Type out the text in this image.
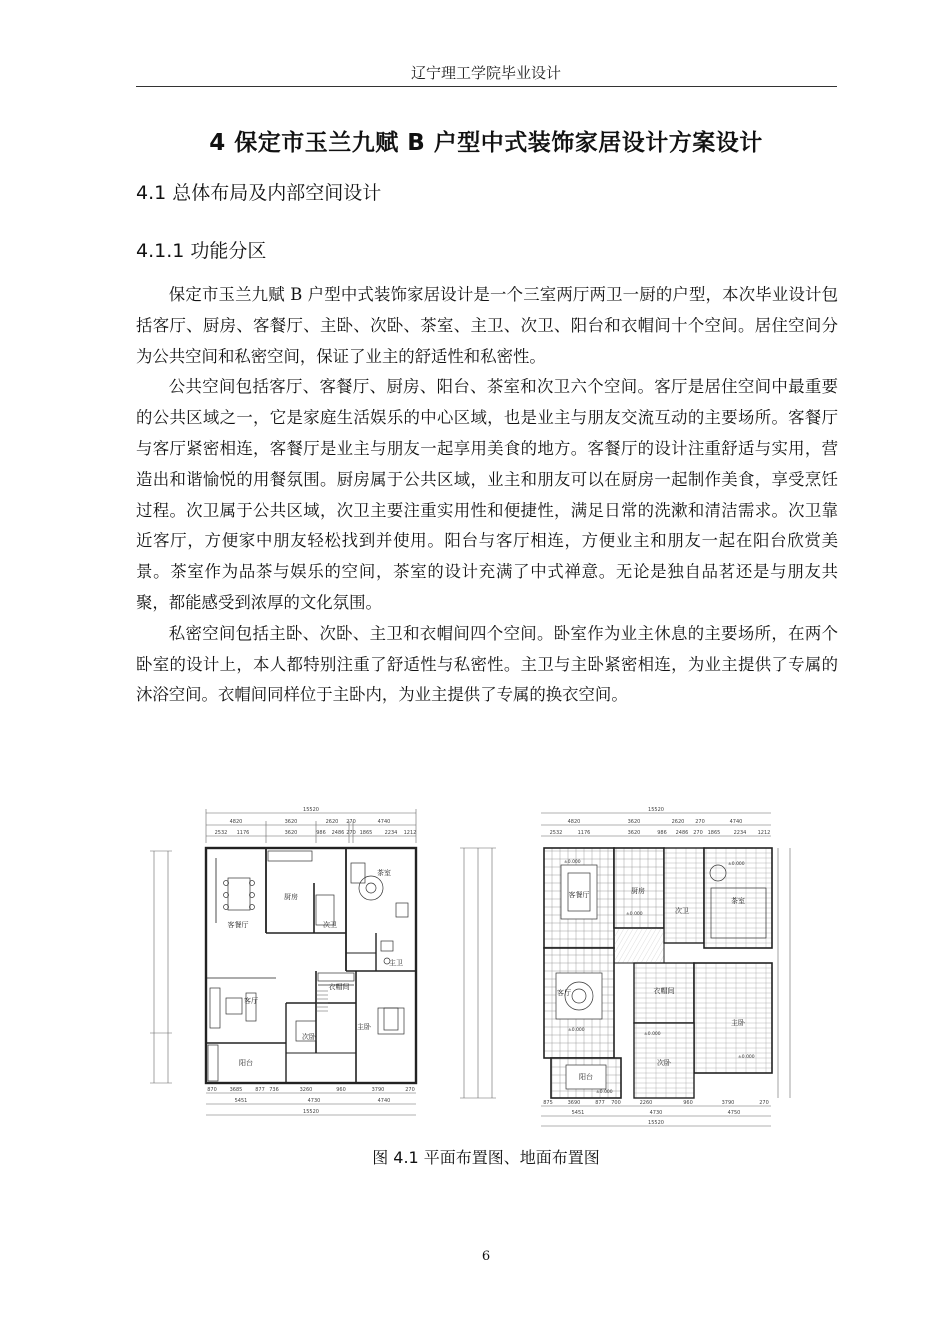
辽宁理工学院毕业设计
4 保定市玉兰九赋 B 户型中式装饰家居设计方案设计
4.1 总体布局及内部空间设计
4.1.1 功能分区

保定市玉兰九赋 B 户型中式装饰家居设计是一个三室两厅两卫一厨的户型，本次毕业设计包括客厅、厨房、客餐厅、主卧、次卧、茶室、主卫、次卫、阳台和衣帽间十个空间。居住空间分为公共空间和私密空间，保证了业主的舒适性和私密性。

公共空间包括客厅、客餐厅、厨房、阳台、茶室和次卫六个空间。客厅是居住空间中最重要的公共区域之一，它是家庭生活娱乐的中心区域，也是业主与朋友交流互动的主要场所。客餐厅与客厅紧密相连，客餐厅是业主与朋友一起享用美食的地方。客餐厅的设计注重舒适与实用，营造出和谐愉悦的用餐氛围。厨房属于公共区域，业主和朋友可以在厨房一起制作美食，享受烹饪过程。次卫属于公共区域，次卫主要注重实用性和便捷性，满足日常的洗漱和清洁需求。次卫靠近客厅，方便家中朋友轻松找到并使用。阳台与客厅相连，方便业主和朋友一起在阳台欣赏美景。茶室作为品茶与娱乐的空间，茶室的设计充满了中式禅意。无论是独自品茗还是与朋友共聚，都能感受到浓厚的文化氛围。

私密空间包括主卧、次卧、主卫和衣帽间四个空间。卧室作为业主休息的主要场所，在两个卧室的设计上，本人都特别注重了舒适性与私密性。主卫与主卧紧密相连，为业主提供了专属的沐浴空间。衣帽间同样位于主卧内，为业主提供了专属的换衣空间。

15520
4820	3620	2620 270	4740
2532 1176	3620	986 2486 270 1865 2234 1212
客餐厅
厨房
次卫
茶室
主卫
衣帽间
客厅
主卧
次卧
阳台
870	3685	877 736	3260	960	3790	270
5451	4730	4740
15520
15520
4820	3620	2620 270	4740
2532	1176	3620	986 2486 270 1865	2234 1212
±0.000
±0.000
±0.000
±0.000
±0.000
±0.000
±0.000
客餐厅	厨房
次卫
茶室
衣帽间
客厅
主卧
次卧
阳台
875	3690	877 700	2260	960	3790	270
5451	4730	4750
15520
图 4.1 平面布置图、地面布置图
6
